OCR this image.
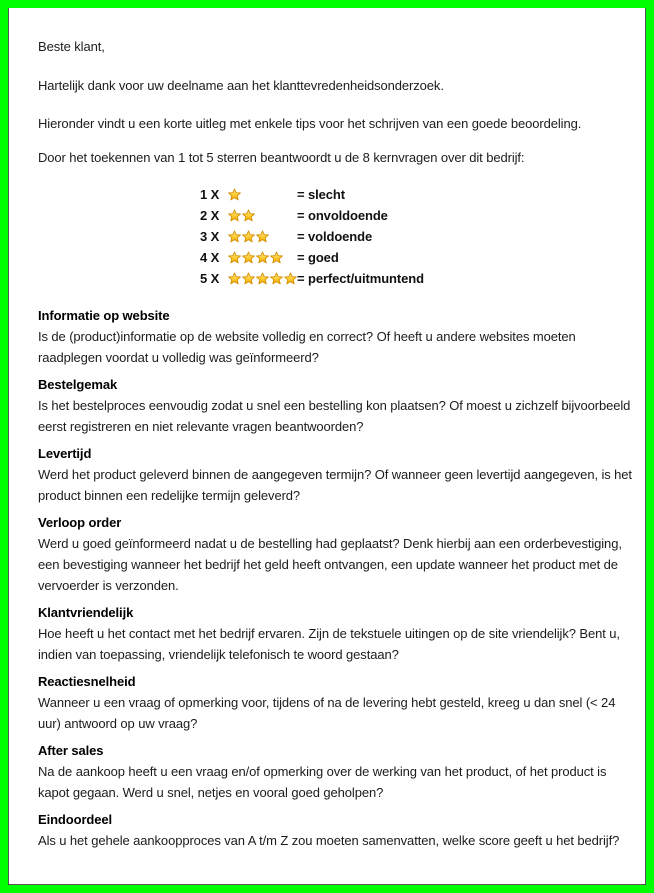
Beste klant,

Hartelijk dank voor uw deelname aan het klanttevredenheidsonderzoek.

Hieronder vindt u een korte uitleg met enkele tips voor het schrijven van een goede beoordeling.

Door het toekennen van 1 tot 5 sterren beantwoordt u de 8 kernvragen over dit bedrijf:

1 X	= slecht
2 X	= onvoldoende
3 X	= voldoende
4 X	= goed
5 X	= perfect/uitmuntend
Informatie op website

Is de (product)informatie op de website volledig en correct? Of heeft u andere websites moeten raadplegen voordat u volledig was geïnformeerd?

Bestelgemak

Is het bestelproces eenvoudig zodat u snel een bestelling kon plaatsen? Of moest u zichzelf bijvoorbeeld eerst registreren en niet relevante vragen beantwoorden?

Levertijd

Werd het product geleverd binnen de aangegeven termijn? Of wanneer geen levertijd aangegeven, is het product binnen een redelijke termijn geleverd?

Verloop order

Werd u goed geïnformeerd nadat u de bestelling had geplaatst? Denk hierbij aan een orderbevestiging, een bevestiging wanneer het bedrijf het geld heeft ontvangen, een update wanneer het product met de vervoerder is verzonden.

Klantvriendelijk

Hoe heeft u het contact met het bedrijf ervaren. Zijn de tekstuele uitingen op de site vriendelijk? Bent u, indien van toepassing, vriendelijk telefonisch te woord gestaan?

Reactiesnelheid

Wanneer u een vraag of opmerking voor, tijdens of na de levering hebt gesteld, kreeg u dan snel (< 24 uur) antwoord op uw vraag?

After sales

Na de aankoop heeft u een vraag en/of opmerking over de werking van het product, of het product is kapot gegaan. Werd u snel, netjes en vooral goed geholpen?

Eindoordeel

Als u het gehele aankoopproces van A t/m Z zou moeten samenvatten, welke score geeft u het bedrijf?
